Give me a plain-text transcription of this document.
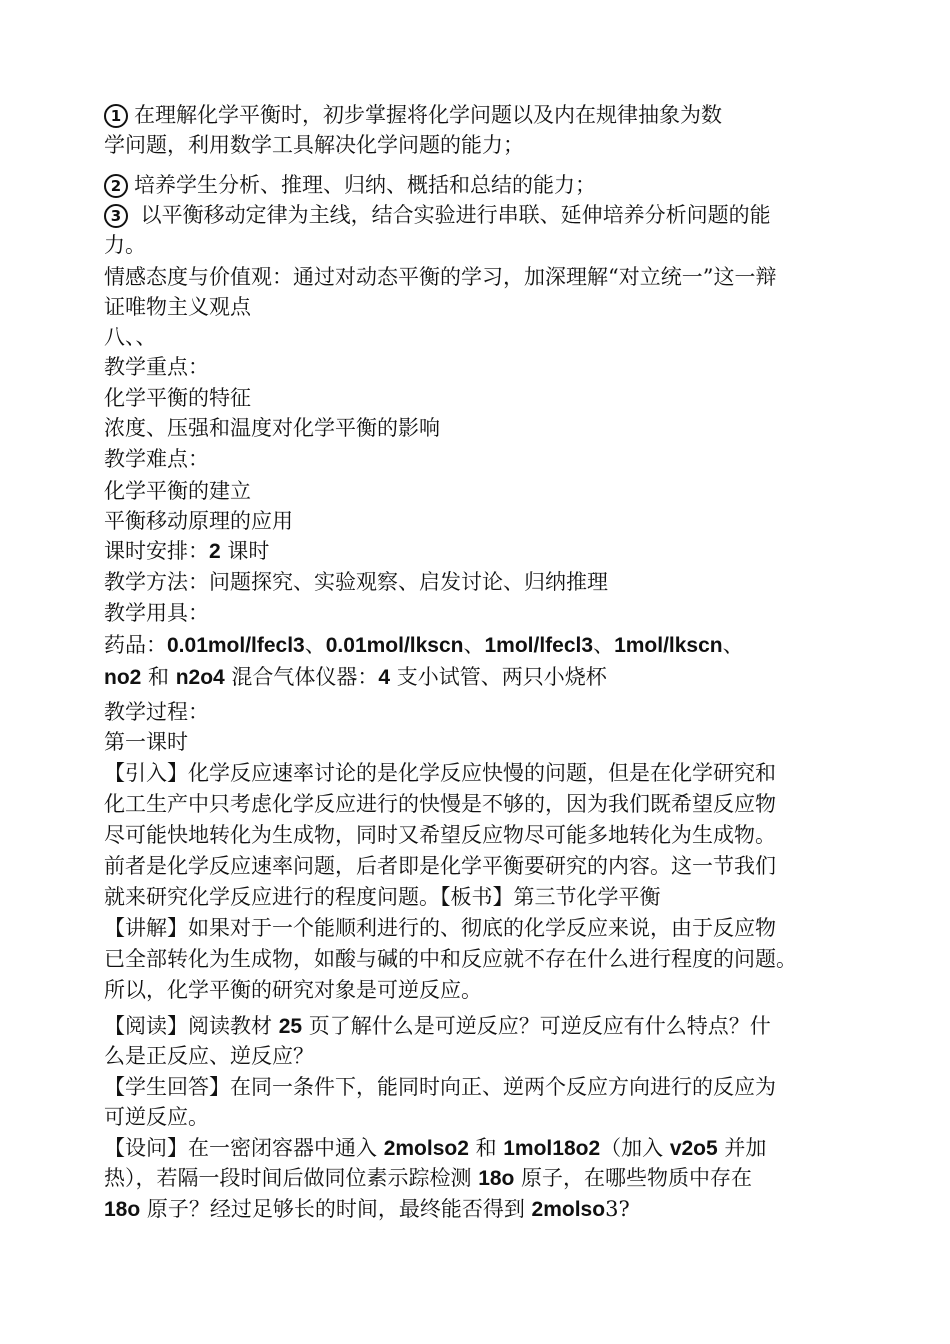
1 在理解化学平衡时，初步掌握将化学问题以及内在规律抽象为数
学问题，利用数学工具解决化学问题的能力；
2 培养学生分析、推理、归纳、概括和总结的能力；
3 以平衡移动定律为主线，结合实验进行串联、延伸培养分析问题的能
力。
情感态度与价值观：通过对动态平衡的学习，加深理解“对立统一”这一辩
证唯物主义观点
八、、
教学重点：
化学平衡的特征
浓度、压强和温度对化学平衡的影响
教学难点：
化学平衡的建立
平衡移动原理的应用
课时安排：2 课时
教学方法：问题探究、实验观察、启发讨论、归纳推理
教学用具：
药品：0.01mol/lfecl3、0.01mol/lkscn、1mol/lfecl3、1mol/lkscn、
no2 和 n2o4 混合气体仪器：4 支小试管、两只小烧杯
教学过程：
第一课时
【引入】化学反应速率讨论的是化学反应快慢的问题，但是在化学研究和
化工生产中只考虑化学反应进行的快慢是不够的，因为我们既希望反应物
尽可能快地转化为生成物，同时又希望反应物尽可能多地转化为生成物。
前者是化学反应速率问题，后者即是化学平衡要研究的内容。这一节我们
就来研究化学反应进行的程度问题。【板书】第三节化学平衡
【讲解】如果对于一个能顺利进行的、彻底的化学反应来说，由于反应物
已全部转化为生成物，如酸与碱的中和反应就不存在什么进行程度的问题。
所以，化学平衡的研究对象是可逆反应。
【阅读】阅读教材 25 页了解什么是可逆反应？可逆反应有什么特点？什
么是正反应、逆反应？
【学生回答】在同一条件下，能同时向正、逆两个反应方向进行的反应为
可逆反应。
【设问】在一密闭容器中通入 2molso2 和 1mol18o2（加入 v2o5 并加
热），若隔一段时间后做同位素示踪检测 18o 原子，在哪些物质中存在
18o 原子？经过足够长的时间，最终能否得到 2molso3?
